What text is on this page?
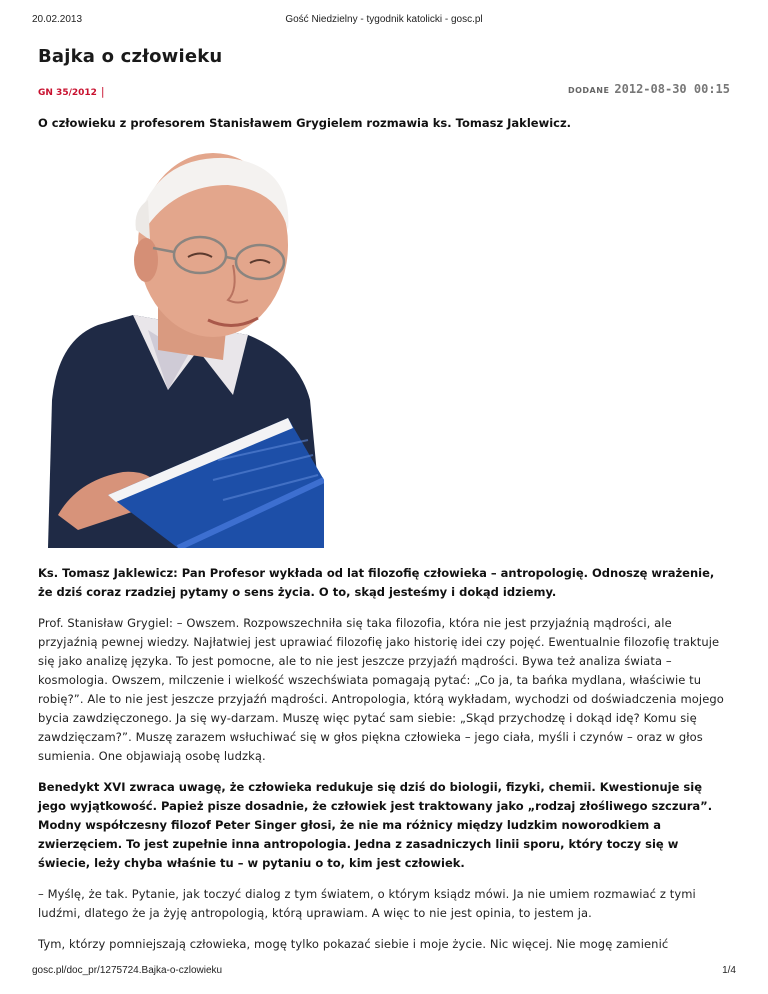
20.02.2013	Gość Niedzielny - tygodnik katolicki - gosc.pl
Bajka o człowieku
GN 35/2012 |	DODANE 2012-08-30 00:15
O człowieku z profesorem Stanisławem Grygielem rozmawia ks. Tomasz Jaklewicz.
Ks. Tomasz Jaklewicz: Pan Profesor wykłada od lat filozofię człowieka – antropologię. Odnoszę wrażenie, że dziś coraz rzadziej pytamy o sens życia. O to, skąd jesteśmy i dokąd idziemy.
Prof. Stanisław Grygiel: – Owszem. Rozpowszechniła się taka filozofia, która nie jest przyjaźnią mądrości, ale przyjaźnią pewnej wiedzy. Najłatwiej jest uprawiać filozofię jako historię idei czy pojęć. Ewentualnie filozofię traktuje się jako analizę języka. To jest pomocne, ale to nie jest jeszcze przyjaźń mądrości. Bywa też analiza świata – kosmologia. Owszem, milczenie i wielkość wszechświata pomagają pytać: „Co ja, ta bańka mydlana, właściwie tu robię?”. Ale to nie jest jeszcze przyjaźń mądrości. Antropologia, którą wykładam, wychodzi od doświadczenia mojego bycia zawdzięczonego. Ja się wy-darzam. Muszę więc pytać sam siebie: „Skąd przychodzę i dokąd idę? Komu się zawdzięczam?”. Muszę zarazem wsłuchiwać się w głos piękna człowieka – jego ciała, myśli i czynów – oraz w głos sumienia. One objawiają osobę ludzką.
Benedykt XVI zwraca uwagę, że człowieka redukuje się dziś do biologii, fizyki, chemii. Kwestionuje się jego wyjątkowość. Papież pisze dosadnie, że człowiek jest traktowany jako „rodzaj złośliwego szczura”. Modny współczesny filozof Peter Singer głosi, że nie ma różnicy między ludzkim noworodkiem a zwierzęciem. To jest zupełnie inna antropologia. Jedna z zasadniczych linii sporu, który toczy się w świecie, leży chyba właśnie tu – w pytaniu o to, kim jest człowiek.
– Myślę, że tak. Pytanie, jak toczyć dialog z tym światem, o którym ksiądz mówi. Ja nie umiem rozmawiać z tymi ludźmi, dlatego że ja żyję antropologią, którą uprawiam. A więc to nie jest opinia, to jestem ja.
Tym, którzy pomniejszają człowieka, mogę tylko pokazać siebie i moje życie. Nic więcej. Nie mogę zamienić
gosc.pl/doc_pr/1275724.Bajka-o-czlowieku	1/4
